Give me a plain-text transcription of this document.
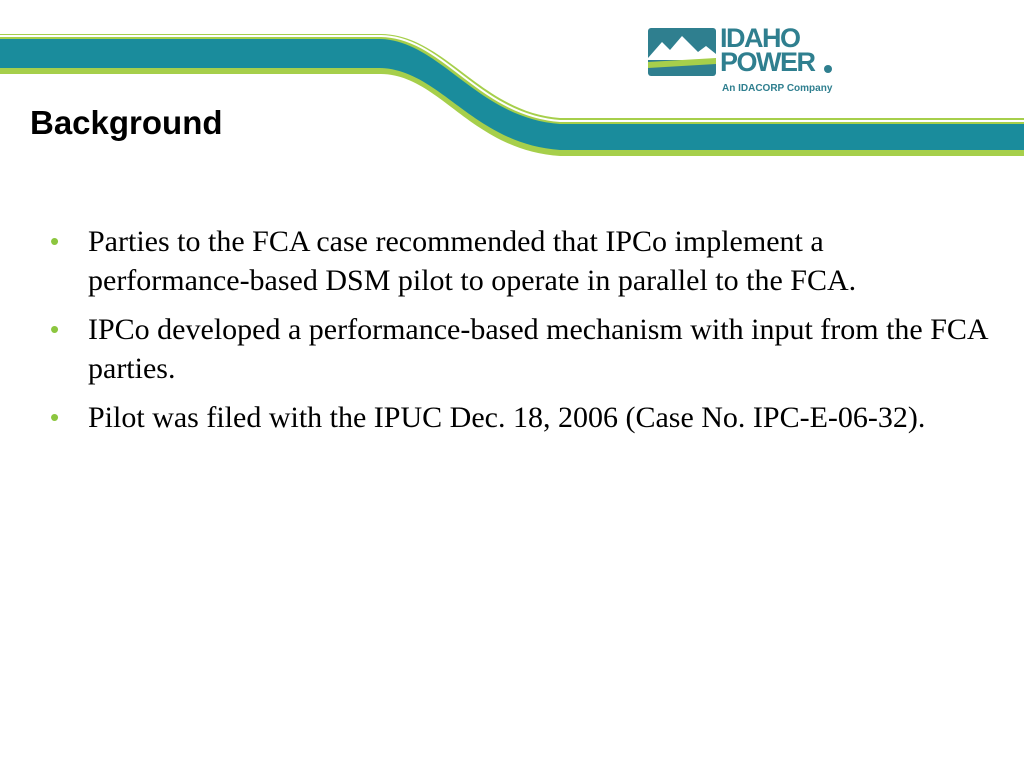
IDAHO
POWER
An IDACORP Company
Background
• Parties to the FCA case recommended that IPCo implement a performance-based DSM pilot to operate in parallel to the FCA.
• IPCo developed a performance-based mechanism with input from the FCA parties.
• Pilot was filed with the IPUC Dec. 18, 2006 (Case No. IPC-E-06-32).
